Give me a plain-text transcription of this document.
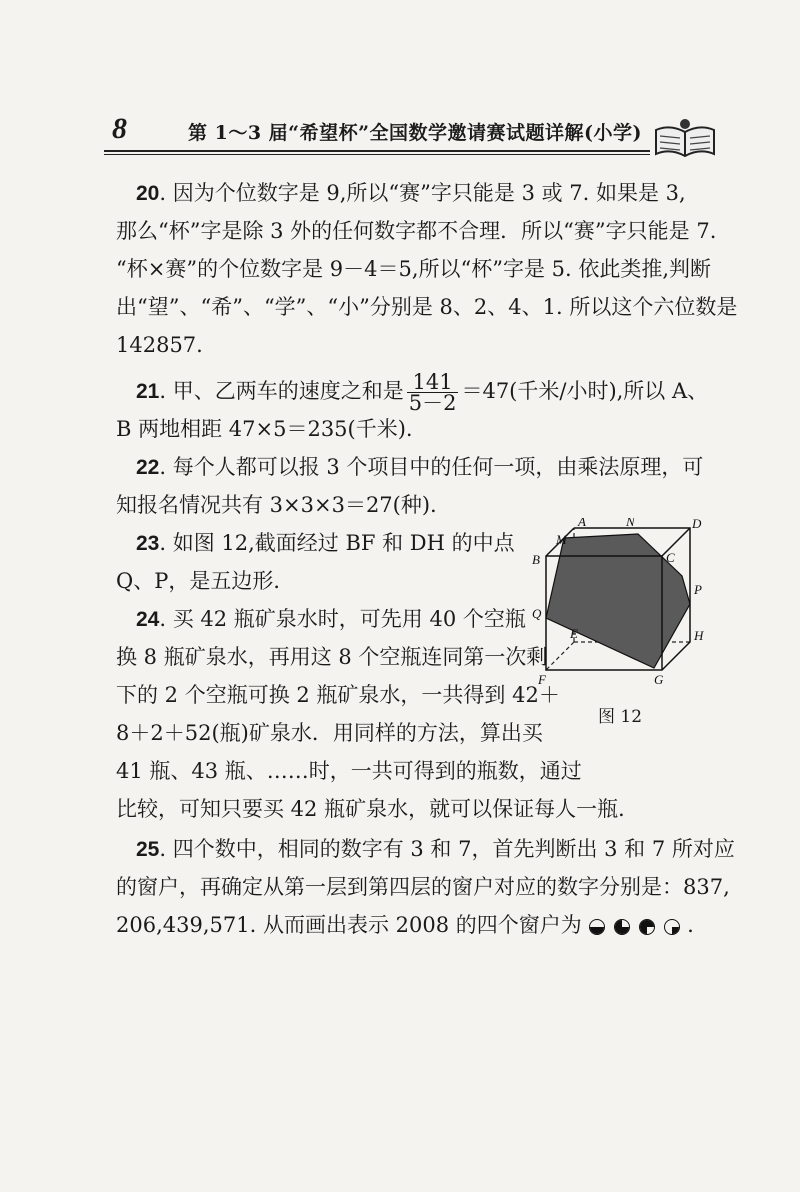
8	第 1～3 届“希望杯”全国数学邀请赛试题详解(小学)
20. 因为个位数字是 9,所以“赛”字只能是 3 或 7. 如果是 3,
那么“杯”字是除 3 外的任何数字都不合理．所以“赛”字只能是 7.
“杯×赛”的个位数字是 9－4＝5,所以“杯”字是 5. 依此类推,判断
出“望”、“希”、“学”、“小”分别是 8、2、4、1. 所以这个六位数是
142857.
21. 甲、乙两车的速度之和是 $\frac{141}{5-2} =47$(千米/小时),所以 A、
B 两地相距 47×5＝235(千米).
22. 每个人都可以报 3 个项目中的任何一项，由乘法原理，可
知报名情况共有 3×3×3＝27(种).
23. 如图 12,截面经过 BF 和 DH 的中点
Q、P，是五边形．
24. 买 42 瓶矿泉水时，可先用 40 个空瓶
换 8 瓶矿泉水，再用这 8 个空瓶连同第一次剩
下的 2 个空瓶可换 2 瓶矿泉水，一共得到 42＋
8＋2＋52(瓶)矿泉水．用同样的方法，算出买
41 瓶、43 瓶、……时，一共可得到的瓶数，通过
比较，可知只要买 42 瓶矿泉水，就可以保证每人一瓶．
25. 四个数中，相同的数字有 3 和 7，首先判断出 3 和 7 所对应
的窗户，再确定从第一层到第四层的窗户对应的数字分别是：837,
206,439,571. 从而画出表示 2008 的四个窗户为

	．
A	N	D
M
B	C
P
Q
E	H
F	G
图 12
